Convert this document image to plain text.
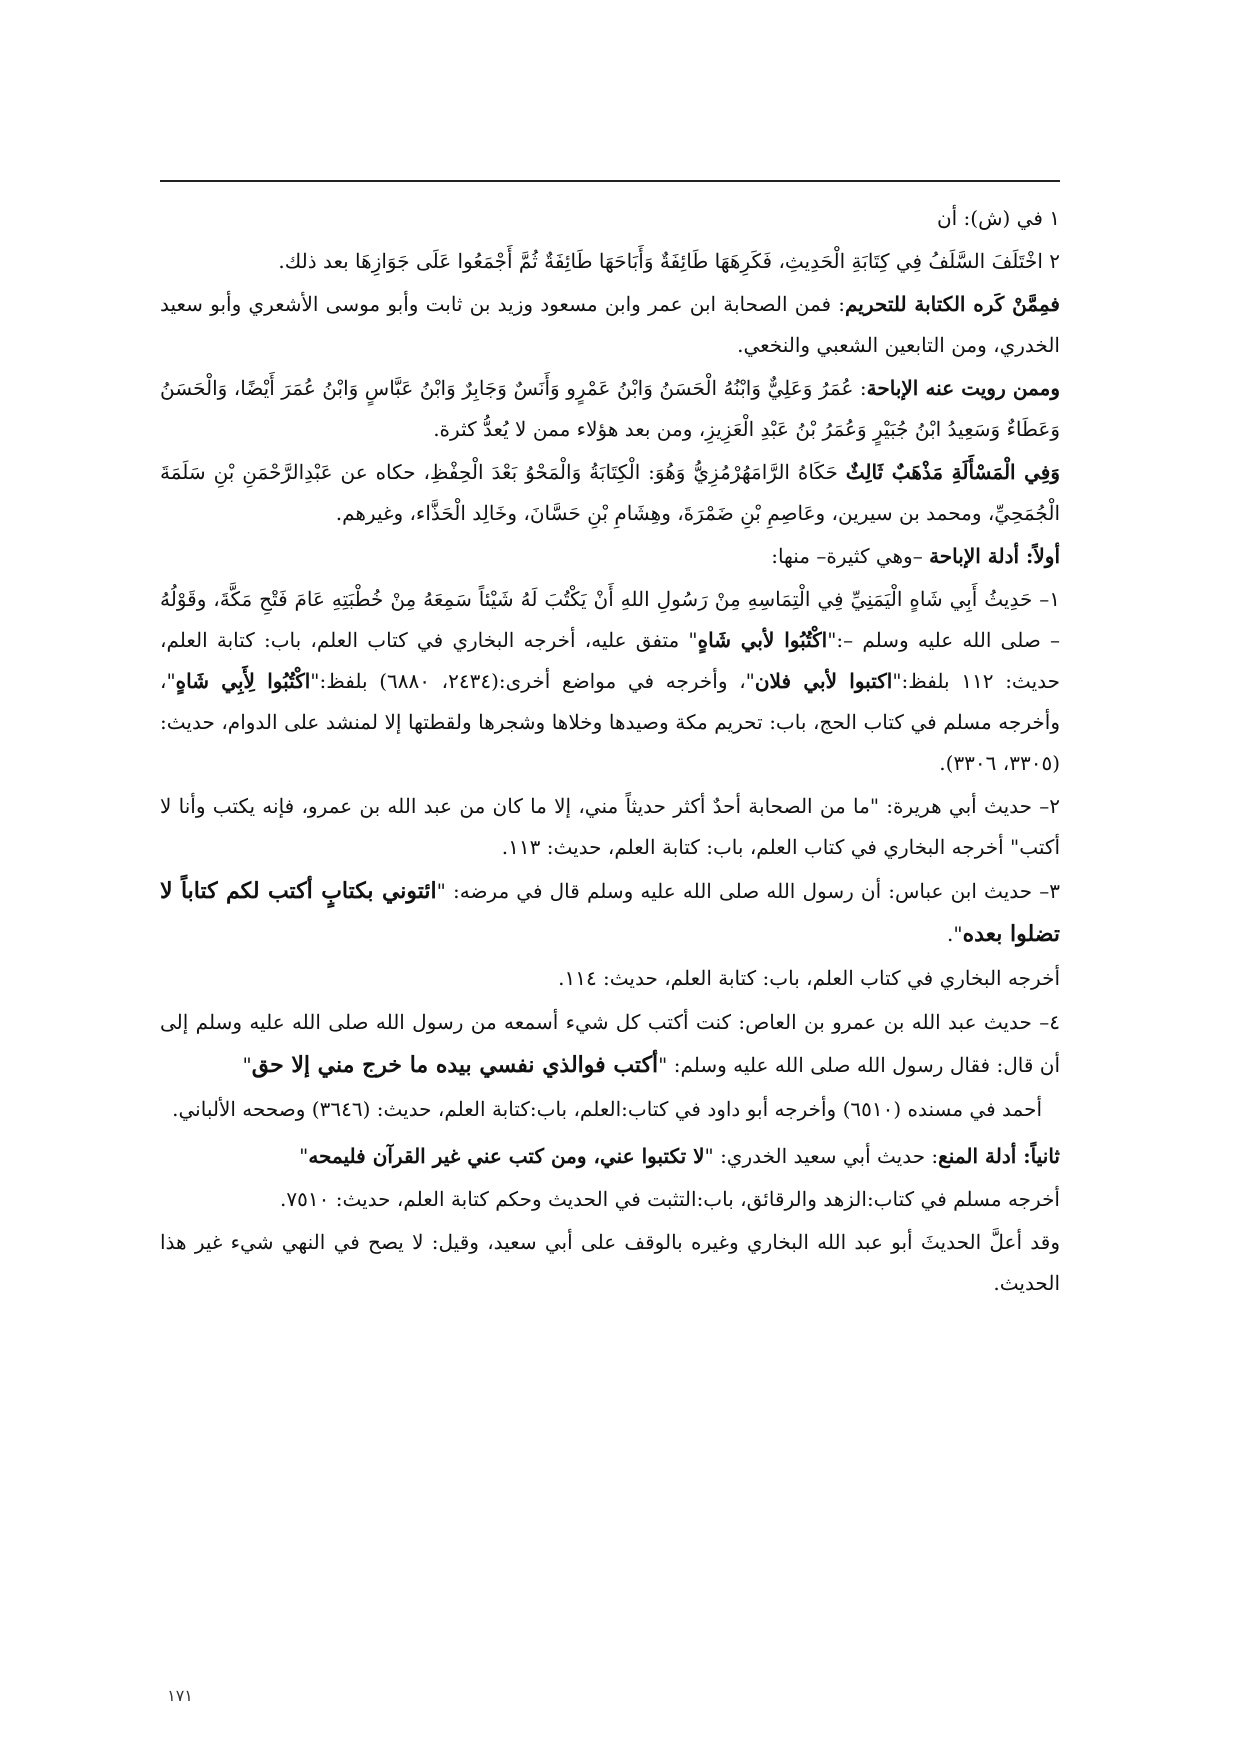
١ في (ش): أن

٢ اخْتَلَفَ السَّلَفُ فِي كِتَابَةِ الْحَدِيثِ، فَكَرِهَهَا طَائِفَةٌ وَأَبَاحَهَا طَائِفَةٌ ثُمَّ أَجْمَعُوا عَلَى جَوَازِهَا بعد ذلك.

فمِمَّنْ كَره الكتابة للتحريم: فمن الصحابة ابن عمر وابن مسعود وزيد بن ثابت وأبو موسى الأشعري وأبو سعيد الخدري، ومن التابعين الشعبي والنخعي.

وممن رويت عنه الإباحة: عُمَرُ وَعَلِيٌّ وَابْنُهُ الْحَسَنُ وَابْنُ عَمْرٍو وَأَنَسٌ وَجَابِرٌ وَابْنُ عَبَّاسٍ وَابْنُ عُمَرَ أَيْضًا، وَالْحَسَنُ وَعَطَاءٌ وَسَعِيدُ ابْنُ جُبَيْرٍ وَعُمَرُ بْنُ عَبْدِ الْعَزِيزِ، ومن بعد هؤلاء ممن لا يُعدُّ كثرة.

وَفِي الْمَسْأَلَةِ مَذْهَبٌ ثَالِثٌ حَكَاهُ الرَّامَهُرْمُزِيُّ وَهُوَ: الْكِتَابَةُ وَالْمَحْوُ بَعْدَ الْحِفْظِ، حكاه عن عَبْدِالرَّحْمَنِ بْنِ سَلَمَةَ الْجُمَحِيِّ، ومحمد بن سيرين، وعَاصِمِ بْنِ ضَمْرَةَ، وهِشَامِ بْنِ حَسَّانَ، وخَالِد الْحَذَّاء، وغيرهم.

أولاً: أدلة الإباحة –وهي كثيرة– منها:

١– حَدِيثُ أَبِي شَاهٍ الْيَمَنِيِّ فِي الْتِمَاسِهِ مِنْ رَسُولِ اللهِ أَنْ يَكْتُبَ لَهُ شَيْئاً سَمِعَهُ مِنْ خُطْبَتِهِ عَامَ فَتْحِ مَكَّةَ، وقَوْلُهُ – صلى الله عليه وسلم –:"اكْتُبُوا لأبي شَاهٍ" متفق عليه، أخرجه البخاري في كتاب العلم، باب: كتابة العلم، حديث: ١١٢ بلفظ:"اكتبوا لأبي فلان"، وأخرجه في مواضع أخرى:(٢٤٣٤، ٦٨٨٠) بلفظ:"اكْتُبُوا لِأَبِي شَاهٍ"، وأخرجه مسلم في كتاب الحج، باب: تحريم مكة وصيدها وخلاها وشجرها ولقطتها إلا لمنشد على الدوام، حديث:(٣٣٠٥، ٣٣٠٦).

٢– حديث أبي هريرة: "ما من الصحابة أحدٌ أكثر حديثاً مني، إلا ما كان من عبد الله بن عمرو، فإنه يكتب وأنا لا أكتب" أخرجه البخاري في كتاب العلم، باب: كتابة العلم، حديث: ١١٣.

٣– حديث ابن عباس: أن رسول الله صلى الله عليه وسلم قال في مرضه: "ائتوني بكتابٍ أكتب لكم كتاباً لا تضلوا بعده".

أخرجه البخاري في كتاب العلم، باب: كتابة العلم، حديث: ١١٤.

٤– حديث عبد الله بن عمرو بن العاص: كنت أكتب كل شيء أسمعه من رسول الله صلى الله عليه وسلم إلى أن قال: فقال رسول الله صلى الله عليه وسلم: "أكتب فوالذي نفسي بيده ما خرج مني إلا حق"

أحمد في مسنده (٦٥١٠) وأخرجه أبو داود في كتاب:العلم، باب:كتابة العلم، حديث: (٣٦٤٦) وصححه الألباني.

ثانياً: أدلة المنع: حديث أبي سعيد الخدري: "لا تكتبوا عني، ومن كتب عني غير القرآن فليمحه"

أخرجه مسلم في كتاب:الزهد والرقائق، باب:التثبت في الحديث وحكم كتابة العلم، حديث: ٧٥١٠.

وقد أعلَّ الحديثَ أبو عبد الله البخاري وغيره بالوقف على أبي سعيد، وقيل: لا يصح في النهي شيء غير هذا الحديث.

١٧١
